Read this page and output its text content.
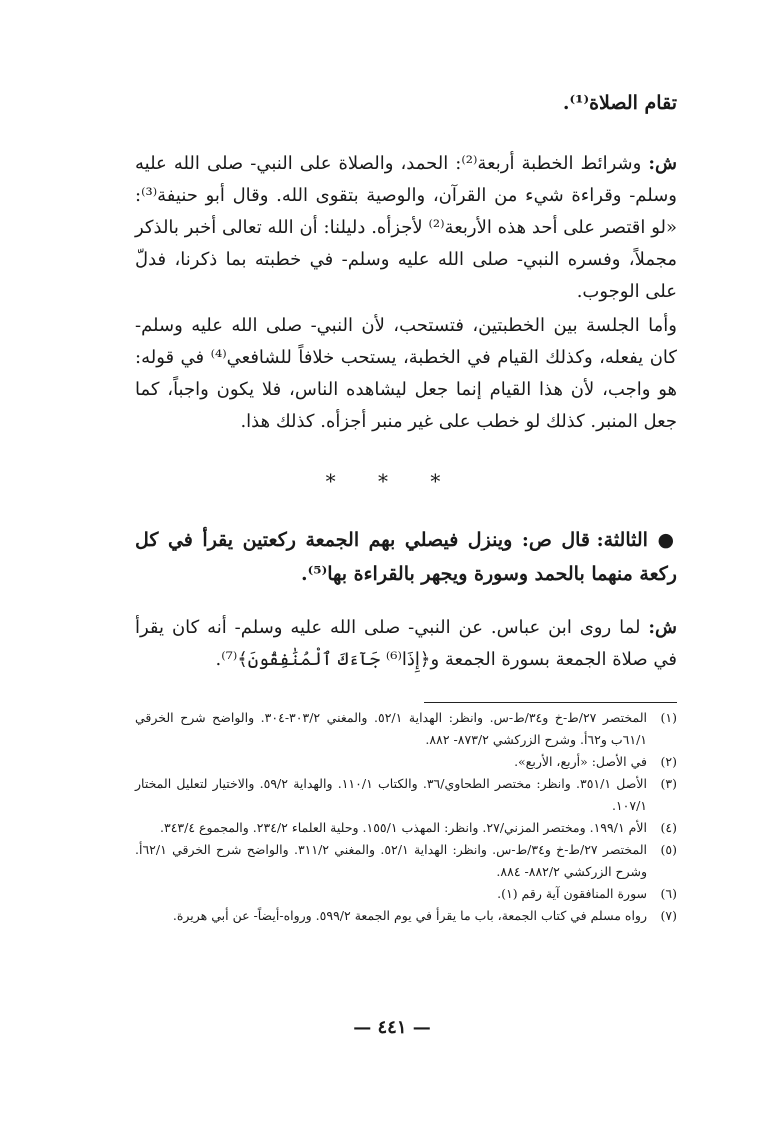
تقام الصلاة⁽¹⁾.
ش: وشرائط الخطبة أربعة⁽²⁾: الحمد، والصلاة على النبي- صلى الله عليه وسلم- وقراءة شيء من القرآن، والوصية بتقوى الله. وقال أبو حنيفة⁽³⁾: «لو اقتصر على أحد هذه الأربعة⁽²⁾ لأجزأه. دليلنا: أن الله تعالى أخبر بالذكر مجملاً، وفسره النبي- صلى الله عليه وسلم- في خطبته بما ذكرنا، فدلّ على الوجوب.
وأما الجلسة بين الخطبتين، فتستحب، لأن النبي- صلى الله عليه وسلم- كان يفعله، وكذلك القيام في الخطبة، يستحب خلافاً للشافعي⁽⁴⁾ في قوله: هو واجب، لأن هذا القيام إنما جعل ليشاهده الناس، فلا يكون واجباً، كما جعل المنبر. كذلك لو خطب على غير منبر أجزأه. كذلك هذا.
⁎ ⁎ ⁎
● الثالثة: قال ص: وينزل فيصلي بهم الجمعة ركعتين يقرأ في كل ركعة منهما بالحمد وسورة ويجهر بالقراءة بها⁽⁵⁾.
ش: لما روى ابن عباس. عن النبي- صلى الله عليه وسلم- أنه كان يقرأ في صلاة الجمعة بسورة الجمعة و﴿إِذَا⁽⁶⁾ جَآءَكَ ٱلْمُنَٰفِقُونَ﴾⁽⁷⁾.
(١)
المختصر ٢٧/ط-خ و٣٤/ط-س. وانظر: الهداية ٥٢/١. والمغني ٣٠٣/٢-٣٠٤. والواضح شرح الخرقي ٦١/١ب و٦٢أ. وشرح الزركشي ٨٧٣/٢- ٨٨٢.
(٢)
في الأصل: «أربع، الأربع».
(٣)
الأصل ٣٥١/١. وانظر: مختصر الطحاوي/٣٦. والكتاب ١١٠/١. والهداية ٥٩/٢. والاختيار لتعليل المختار ١٠٧/١.
(٤)
الأم ١٩٩/١. ومختصر المزني/٢٧. وانظر: المهذب ١٥٥/١. وحلية العلماء ٢٣٤/٢. والمجموع ٣٤٣/٤.
(٥)
المختصر ٢٧/ط-خ و٣٤/ط-س. وانظر: الهداية ٥٢/١. والمغني ٣١١/٢. والواضح شرح الخرقي ٦٢/١أ. وشرح الزركشي ٨٨٢/٢- ٨٨٤.
(٦)
سورة المنافقون آية رقم (١).
(٧)
رواه مسلم في كتاب الجمعة، باب ما يقرأ في يوم الجمعة ٥٩٩/٢. ورواه-أيضاً- عن أبي هريرة.
— ٤٤١ —
